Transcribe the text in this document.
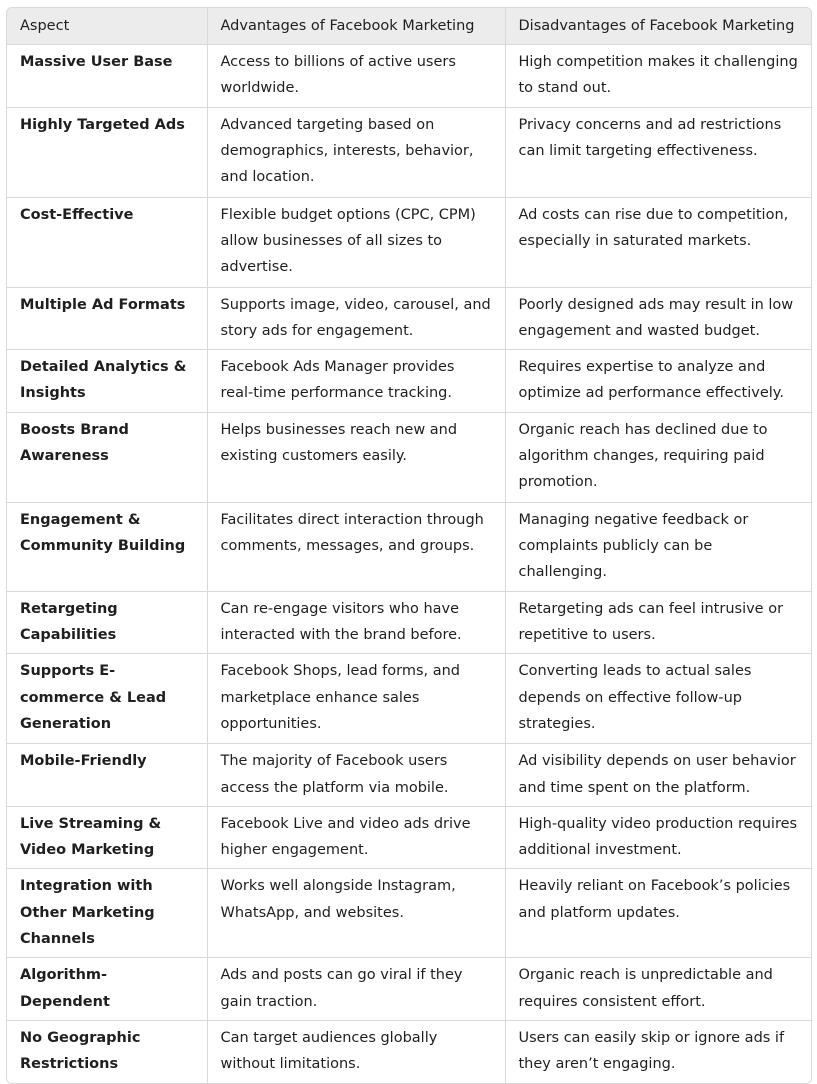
Aspect	Advantages of Facebook Marketing	Disadvantages of Facebook Marketing
Massive User Base	Access to billions of active users worldwide.	High competition makes it challenging to stand out.
Highly Targeted Ads	Advanced targeting based on demographics, interests, behavior, and location.	Privacy concerns and ad restrictions can limit targeting effectiveness.
Cost-Effective	Flexible budget options (CPC, CPM) allow businesses of all sizes to advertise.	Ad costs can rise due to competition, especially in saturated markets.
Multiple Ad Formats	Supports image, video, carousel, and story ads for engagement.	Poorly designed ads may result in low engagement and wasted budget.
Detailed Analytics & Insights	Facebook Ads Manager provides real-time performance tracking.	Requires expertise to analyze and optimize ad performance effectively.
Boosts Brand Awareness	Helps businesses reach new and existing customers easily.	Organic reach has declined due to algorithm changes, requiring paid promotion.
Engagement & Community Building	Facilitates direct interaction through comments, messages, and groups.	Managing negative feedback or complaints publicly can be challenging.
Retargeting Capabilities	Can re-engage visitors who have interacted with the brand before.	Retargeting ads can feel intrusive or repetitive to users.
Supports E-commerce & Lead Generation	Facebook Shops, lead forms, and marketplace enhance sales opportunities.	Converting leads to actual sales depends on effective follow-up strategies.
Mobile-Friendly	The majority of Facebook users access the platform via mobile.	Ad visibility depends on user behavior and time spent on the platform.
Live Streaming & Video Marketing	Facebook Live and video ads drive higher engagement.	High-quality video production requires additional investment.
Integration with Other Marketing Channels	Works well alongside Instagram, WhatsApp, and websites.	Heavily reliant on Facebook’s policies and platform updates.
Algorithm-Dependent	Ads and posts can go viral if they gain traction.	Organic reach is unpredictable and requires consistent effort.
No Geographic Restrictions	Can target audiences globally without limitations.	Users can easily skip or ignore ads if they aren’t engaging.
